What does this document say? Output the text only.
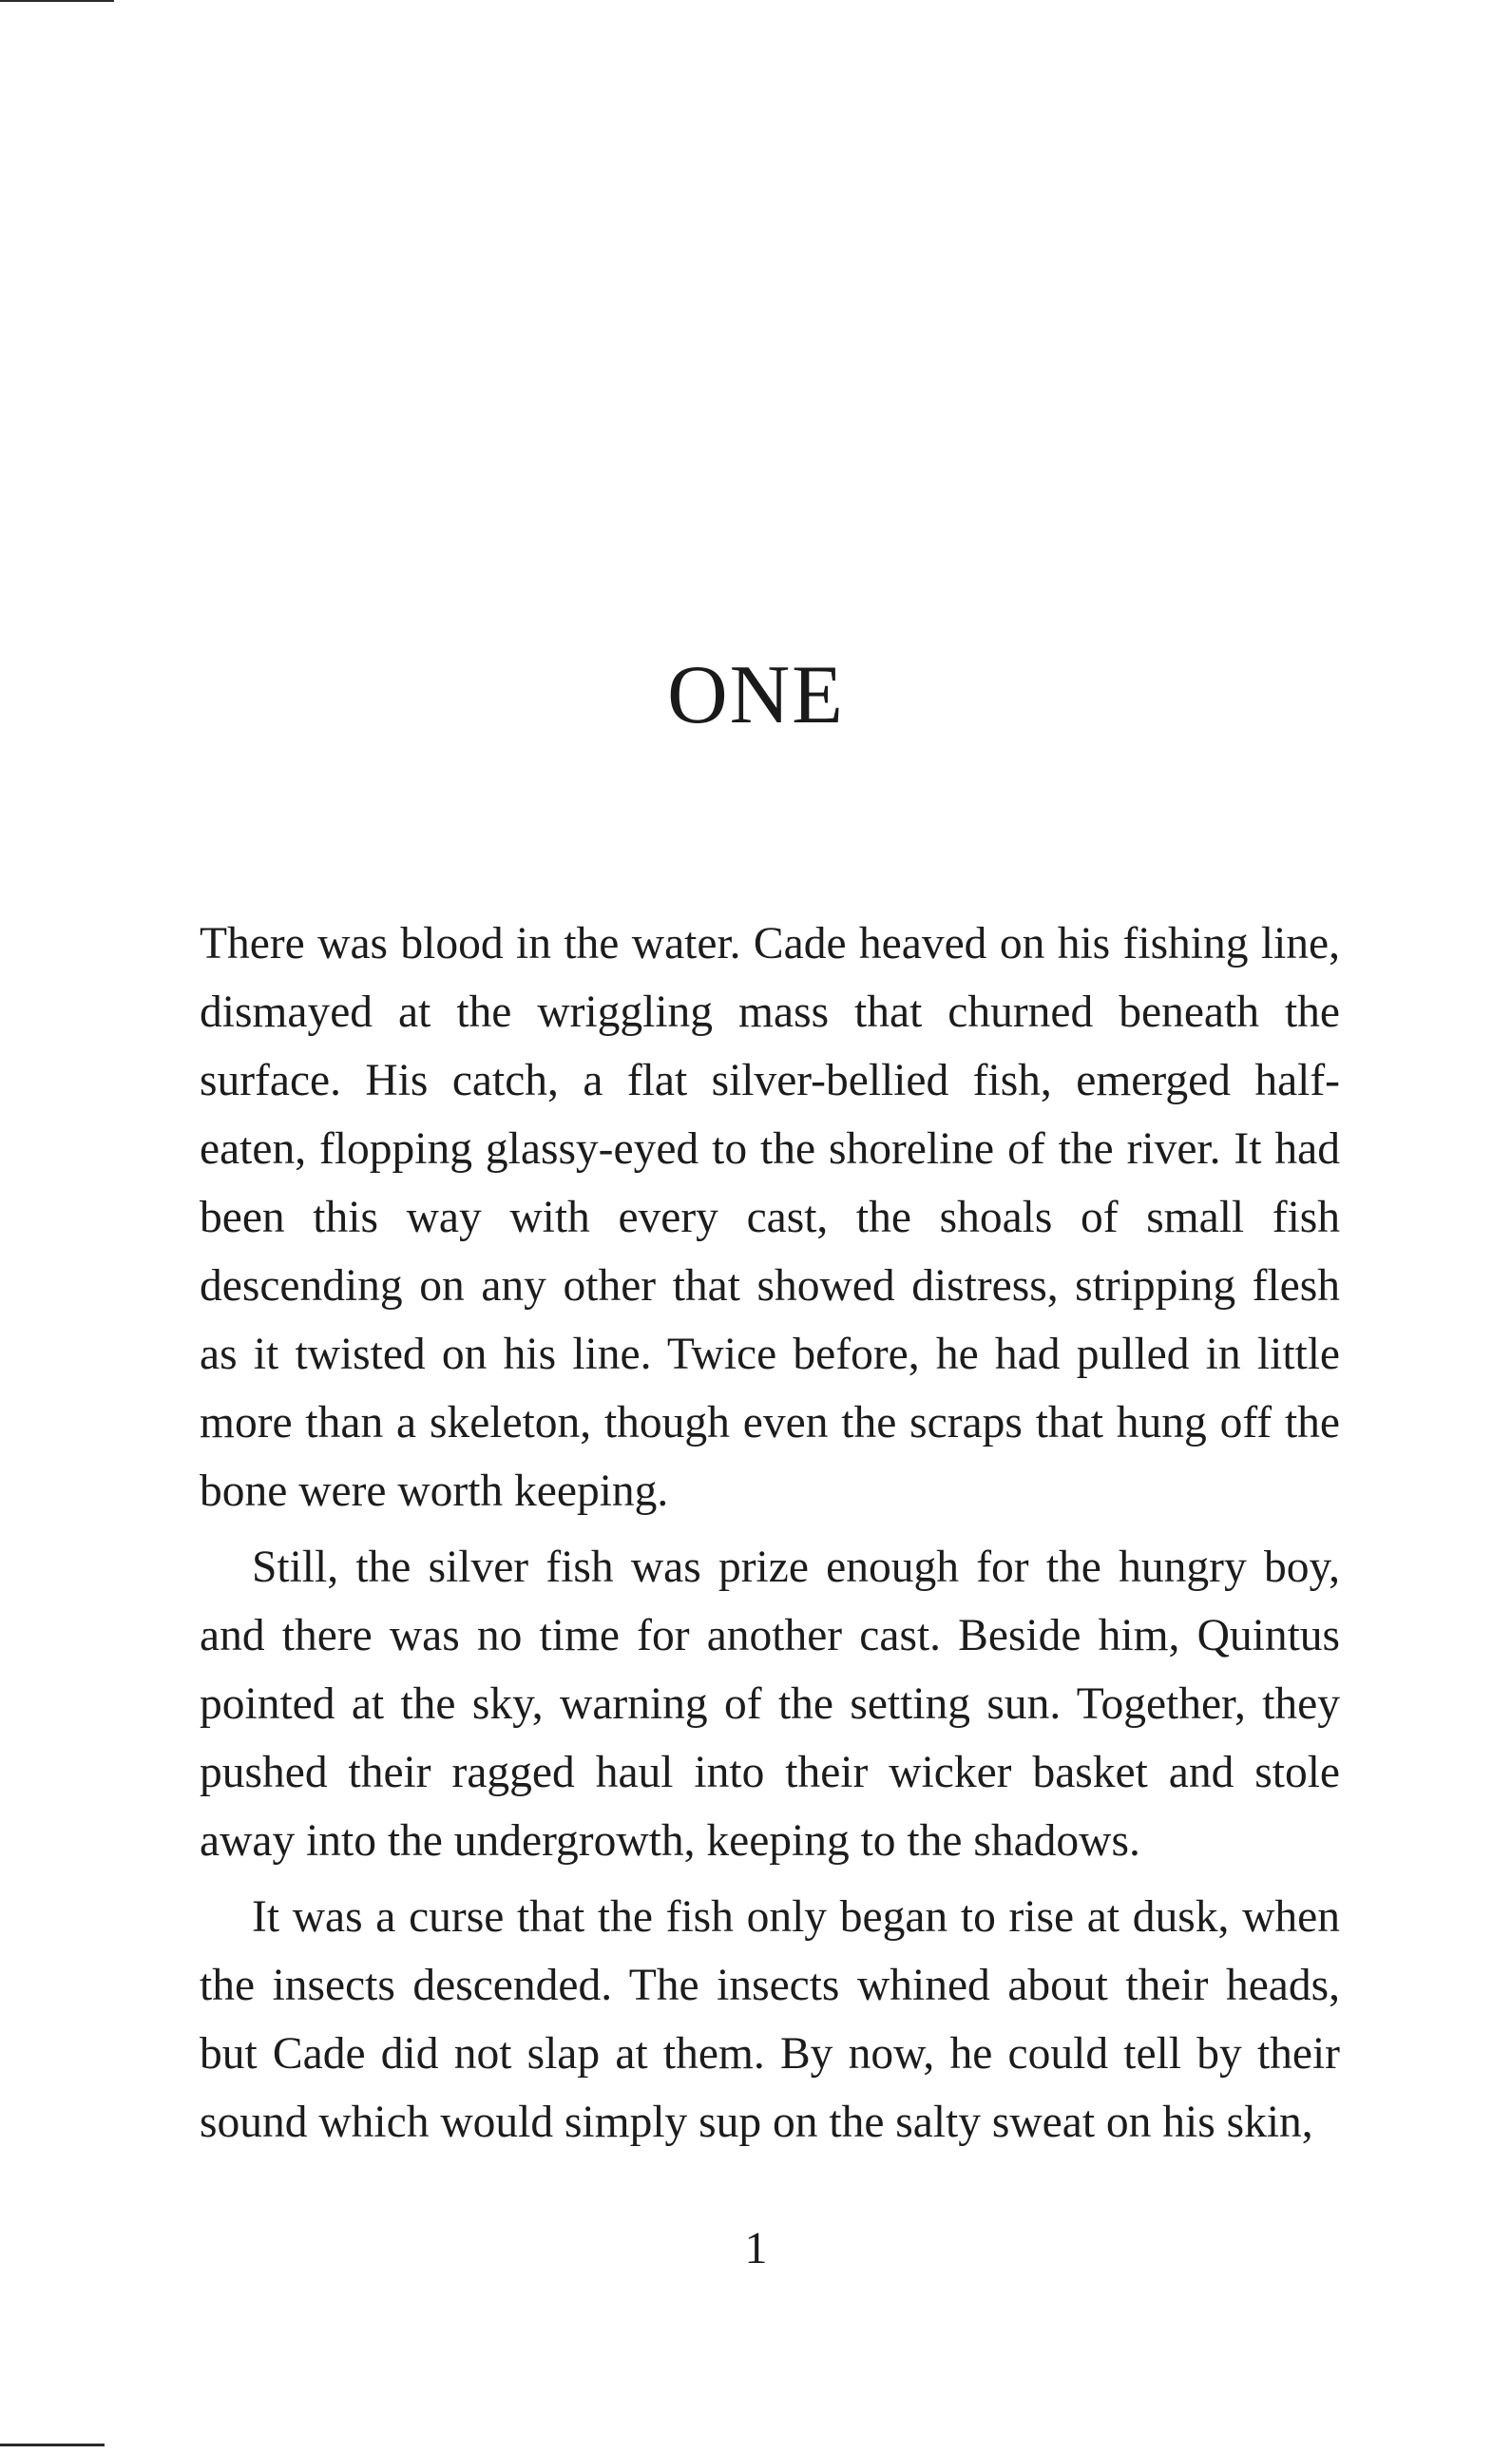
ONE

There was blood in the water. Cade heaved on his fishing line, dismayed at the wriggling mass that churned beneath the surface. His catch, a flat silver-bellied fish, emerged half-eaten, flopping glassy-eyed to the shoreline of the river. It had been this way with every cast, the shoals of small fish descending on any other that showed distress, stripping flesh as it twisted on his line. Twice before, he had pulled in little more than a skeleton, though even the scraps that hung off the bone were worth keeping.

Still, the silver fish was prize enough for the hungry boy, and there was no time for another cast. Beside him, Quintus pointed at the sky, warning of the setting sun. Together, they pushed their ragged haul into their wicker basket and stole away into the undergrowth, keeping to the shadows.

It was a curse that the fish only began to rise at dusk, when the insects descended. The insects whined about their heads, but Cade did not slap at them. By now, he could tell by their sound which would simply sup on the salty sweat on his skin,

1
